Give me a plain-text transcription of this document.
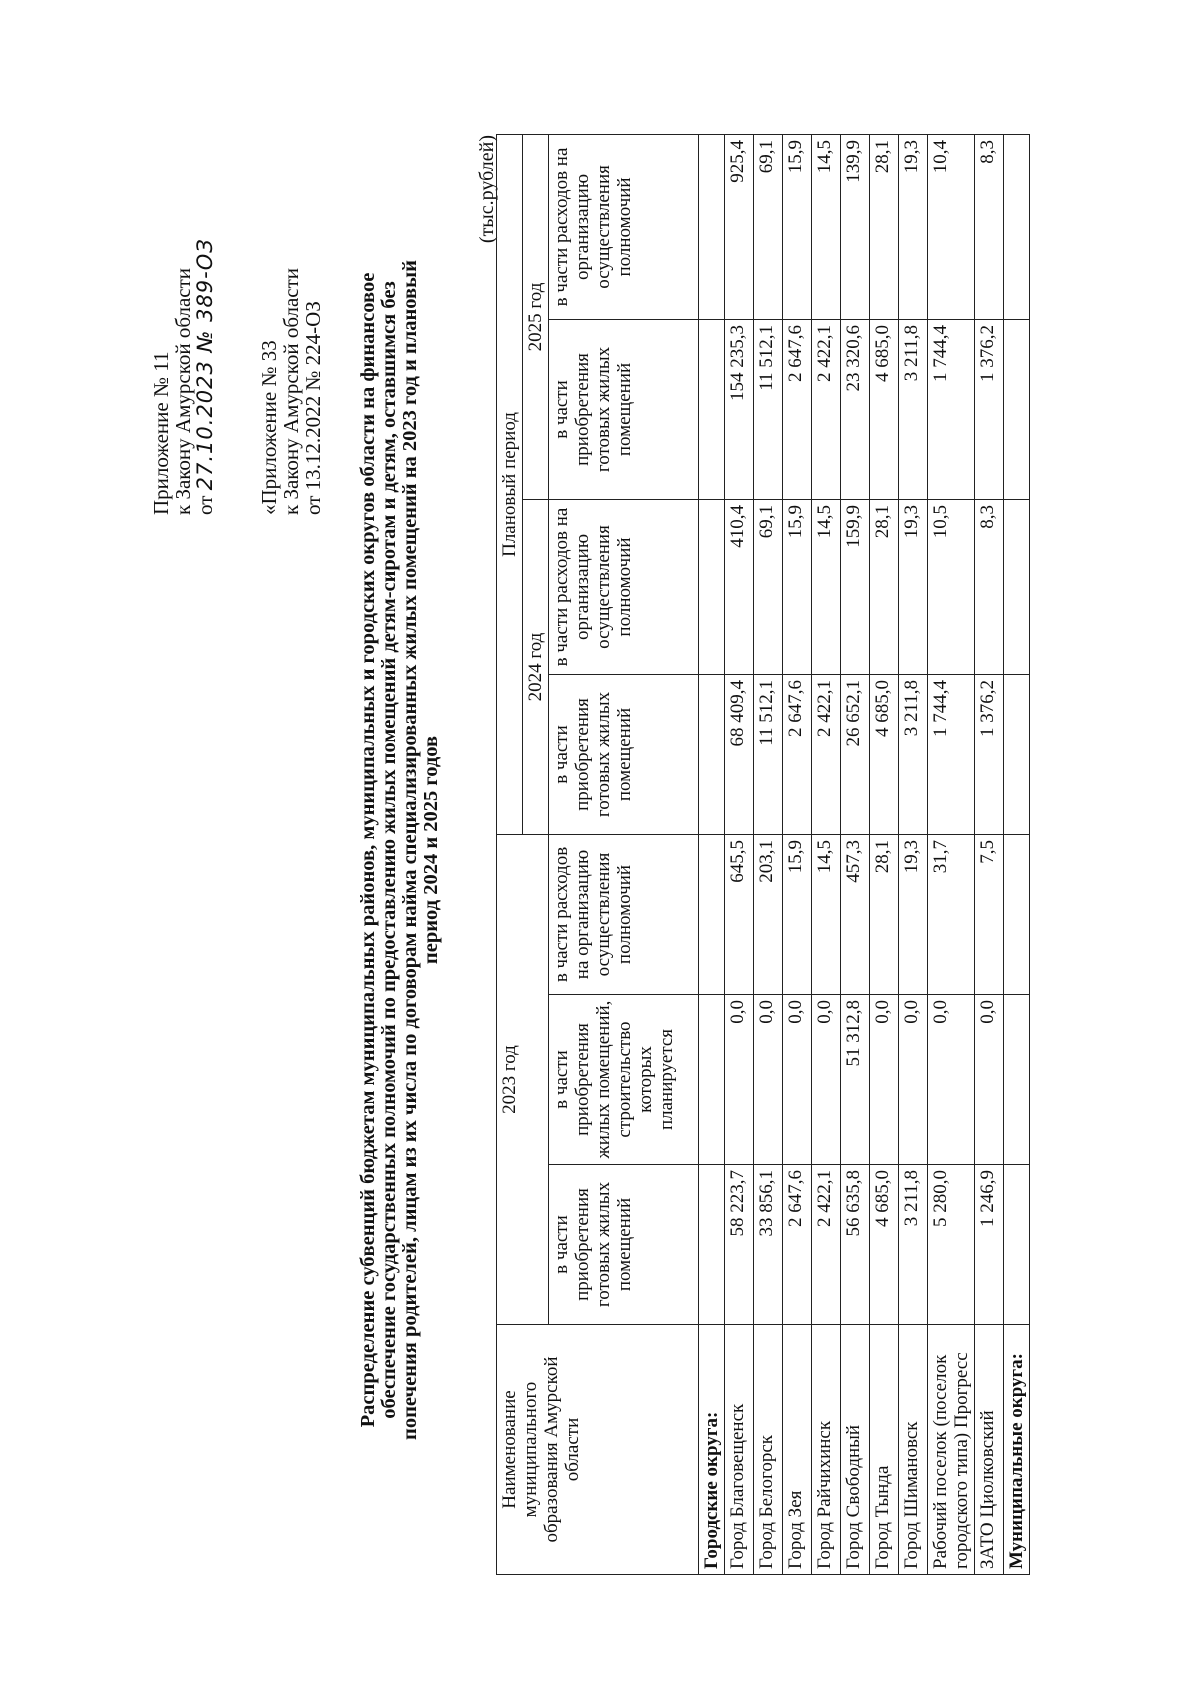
Приложение № 11
к Закону Амурской области
от 27.10.2023 № 389-ОЗ «Приложение № 33
к Закону Амурской области
от 13.12.2022 № 224-ОЗ Распределение субвенций бюджетам муниципальных районов, муниципальных и городских округов области на финансовое обеспечение государственных полномочий по предоставлению жилых помещений детям-сиротам и детям, оставшимся без попечения родителей, лицам из их числа по договорам найма специализированных жилых помещений на 2023 год и плановый период 2024 и 2025 годов
(тыс.рублей)
Наименование муниципального образования Амурской области	2023 год			Плановый период			
				2024 год		2025 год	
	в части приобретения готовых жилых помещений	в части приобретения жилых помещений, строительство которых планируется	в части расходов на организацию осуществления полномочий	в части приобретения готовых жилых помещений	в части расходов на организацию осуществления полномочий	в части приобретения готовых жилых помещений	в части расходов на организацию осуществления полномочий
Городские округа:							
Город Благовещенск	58 223,7	0,0	645,5	68 409,4	410,4	154 235,3	925,4
Город Белогорск	33 856,1	0,0	203,1	11 512,1	69,1	11 512,1	69,1
Город Зея	2 647,6	0,0	15,9	2 647,6	15,9	2 647,6	15,9
Город Райчихинск	2 422,1	0,0	14,5	2 422,1	14,5	2 422,1	14,5
Город Свободный	56 635,8	51 312,8	457,3	26 652,1	159,9	23 320,6	139,9
Город Тында	4 685,0	0,0	28,1	4 685,0	28,1	4 685,0	28,1
Город Шимановск	3 211,8	0,0	19,3	3 211,8	19,3	3 211,8	19,3
Рабочий поселок (поселок городского типа) Прогресс	5 280,0	0,0	31,7	1 744,4	10,5	1 744,4	10,4
ЗАТО Циолковский	1 246,9	0,0	7,5	1 376,2	8,3	1 376,2	8,3
Муниципальные округа:							
